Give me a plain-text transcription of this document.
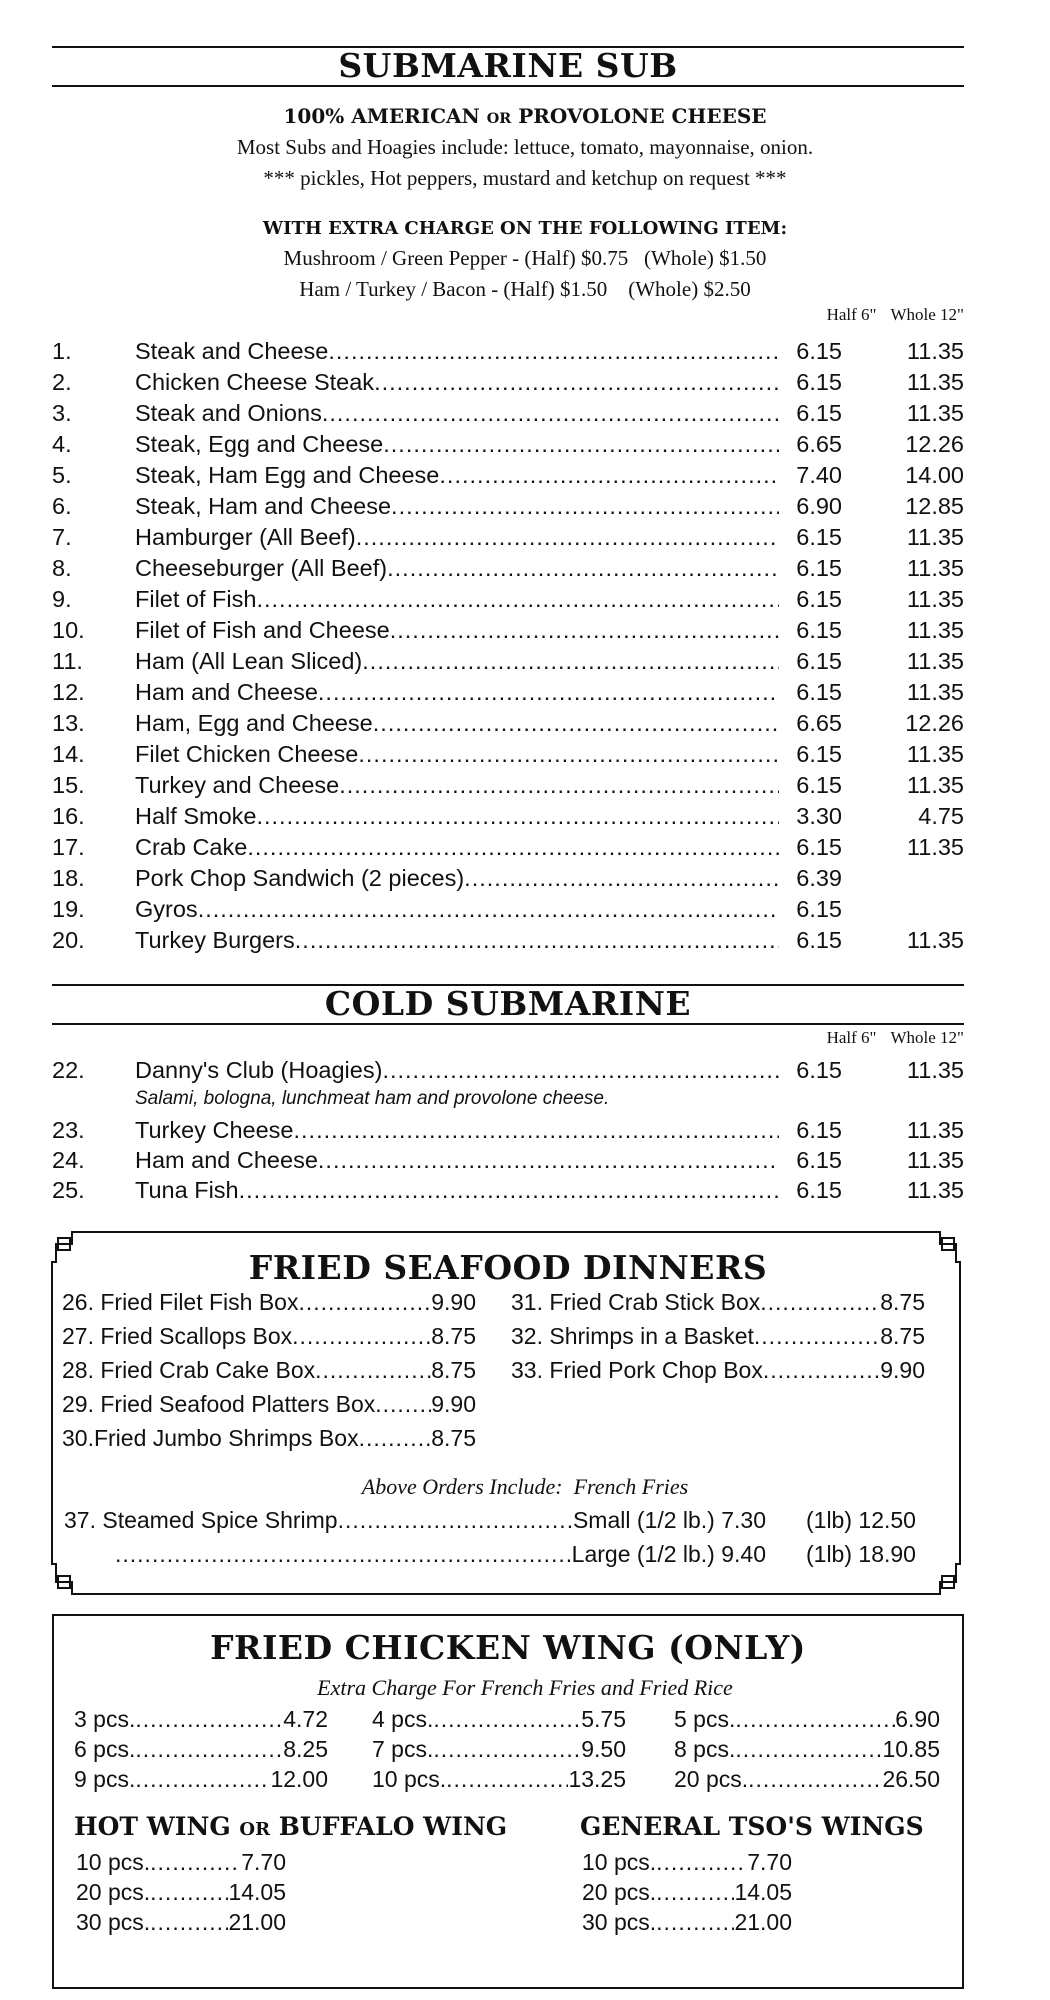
SUBMARINE SUB
100% AMERICAN OR PROVOLONE CHEESE
Most Subs and Hoagies include: lettuce, tomato, mayonnaise, onion.
*** pickles, Hot peppers, mustard and ketchup on request ***
WITH EXTRA CHARGE ON THE FOLLOWING ITEM:
Mushroom / Green Pepper - (Half) $0.75   (Whole) $1.50
Ham / Turkey / Bacon - (Half) $1.50    (Whole) $2.50
Half 6" Whole 12"
1.	Steak and Cheese .....	6.15	11.35
2.	Chicken Cheese Steak .....	6.15	11.35
3.	Steak and Onions .....	6.15	11.35
4.	Steak, Egg and Cheese .....	6.65	12.26
5.	Steak, Ham Egg and Cheese .....	7.40	14.00
6.	Steak, Ham and Cheese .....	6.90	12.85
7.	Hamburger (All Beef) .....	6.15	11.35
8.	Cheeseburger (All Beef) .....	6.15	11.35
9.	Filet of Fish .....	6.15	11.35
10.	Filet of Fish and Cheese .....	6.15	11.35
11.	Ham (All Lean Sliced) .....	6.15	11.35
12.	Ham and Cheese .....	6.15	11.35
13.	Ham, Egg and Cheese .....	6.65	12.26
14.	Filet Chicken Cheese .....	6.15	11.35
15.	Turkey and Cheese .....	6.15	11.35
16.	Half Smoke .....	3.30	4.75
17.	Crab Cake .....	6.15	11.35
18.	Pork Chop Sandwich (2 pieces) .....	6.39
19.	Gyros .....	6.15
20.	Turkey Burgers .....	6.15	11.35
COLD SUBMARINE
Half 6" Whole 12"
22.	Danny's Club (Hoagies) .....	6.15	11.35
Salami, bologna, lunchmeat ham and provolone cheese.
23.	Turkey Cheese .....	6.15	11.35
24.	Ham and Cheese .....	6.15	11.35
25.	Tuna Fish .....	6.15	11.35
FRIED SEAFOOD DINNERS
26. Fried Filet Fish Box .....	9.90
27. Fried Scallops Box .....	8.75
28. Fried Crab Cake Box .....	8.75
29. Fried Seafood Platters Box ..... 9.90
30.Fried Jumbo Shrimps Box .....	8.75
31. Fried Crab Stick Box .....	8.75
32. Shrimps in a Basket .....	8.75
33. Fried Pork Chop Box .....	9.90
Above Orders Include:  French Fries
37. Steamed Spice Shrimp .....	Small (1/2 lb.) 7.30 (1lb) 12.50
.....
Large (1/2 lb.) 9.40 (1lb) 18.90
FRIED CHICKEN WING (ONLY)
Extra Charge For French Fries and Fried Rice
3 pcs. .....	4.72 4 pcs. .....	5.75 5 pcs. .....	6.90
6 pcs. .....	8.25 7 pcs. .....	9.50 8 pcs. .....	10.85
9 pcs. .....	12.00 10 pcs. .....	13.25 20 pcs. .....	26.50
HOT WING OR BUFFALO WING	GENERAL TSO'S WINGS
10 pcs. .....	7.70
20 pcs. .....	14.05
30 pcs. .....	21.00
10 pcs. .....	7.70
20 pcs. .....	14.05
30 pcs. .....	21.00
